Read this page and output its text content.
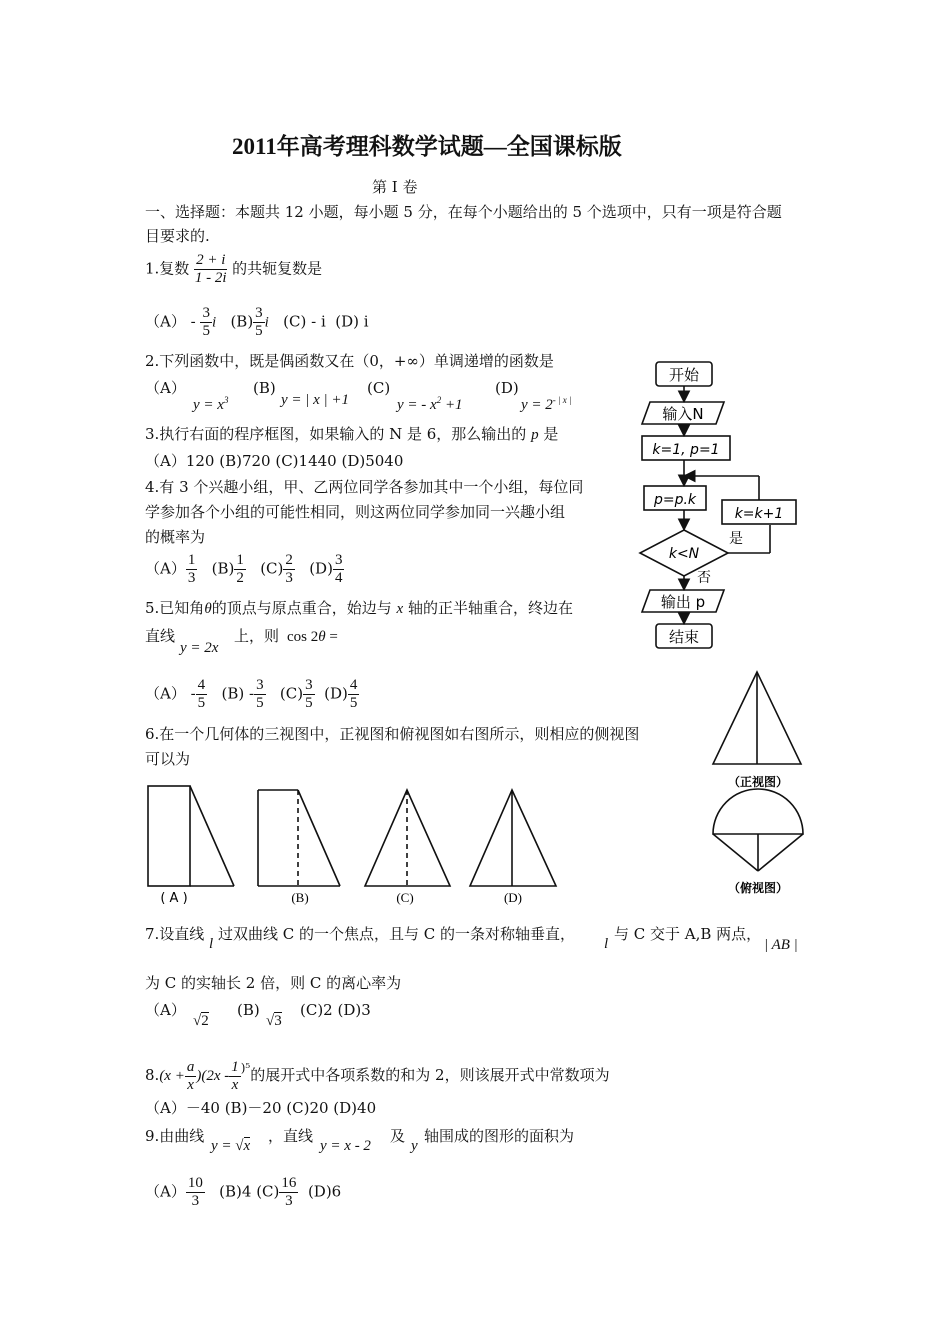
2011年高考理科数学试题—全国课标版
第 I 卷
一、选择题：本题共 12 小题，每小题 5 分，在每个小题给出的 5 个选项中，只有一项是符合题
目要求的.
1.复数 $\frac{2 + i}{1 - 2i}$ 的共轭复数是
$(A) - \frac{3}{5}$ i $(B) \frac{3}{5}$ i (C) - i (D) i
2.下列函数中，既是偶函数又在（0，+∞）单调递增的函数是
（A）
$y = x^3$
(B)
y = | x | +1
(C)
y = - $x^2 +1$
(D)
$y = 2^{- | x |}$
3.执行右面的程序框图，如果输入的 N 是 6，那么输出的 p 是
（A）120 (B)720 (C)1440 (D)5040
4.有 3 个兴趣小组，甲、乙两位同学各参加其中一个小组，每位同
学参加各个小组的可能性相同，则这两位同学参加同一兴趣小组
的概率为
$(A) \frac{1}{3} (B) \frac{1}{2} (C) \frac{2}{3} (D) \frac{3}{4}$
5.已知角θ的顶点与原点重合，始边与 x 轴的正半轴重合，终边在
直线
y = 2x
上，则 cos 2θ =
$(A) - \frac{4}{5} (B) - \frac{3}{5} (C) \frac{3}{5} (D) \frac{4}{5}$
6.在一个几何体的三视图中，正视图和俯视图如右图所示，则相应的侧视图
可以为
( A )	(B)	(C)	(D)
（正视图）
（俯视图）
7.设直线
l
过双曲线 C 的一个焦点，且与 C 的一条对称轴垂直，
l
与 C 交于 A,B 两点，
| AB |
为 C 的实轴长 2 倍，则 C 的离心率为
（A）
√2
(B)
√3
(C)2 (D)3
$8.(x + \frac{a}{x} )(2x - \frac{1}{x} ^{)^5}$的展开式中各项系数的和为 2，则该展开式中常数项为
（A）－40 (B)－20 (C)20 (D)40
9.由曲线
y = √x
，直线
y = x - 2
及
y
轴围成的图形的面积为
$(A) \frac{10}{3} (B)4$ $(C) \frac{16}{3} (D)6$
开始
输入N
k=1, p=1
p=p.k
k=k+1
k<N
是
否
输出 p
结束
